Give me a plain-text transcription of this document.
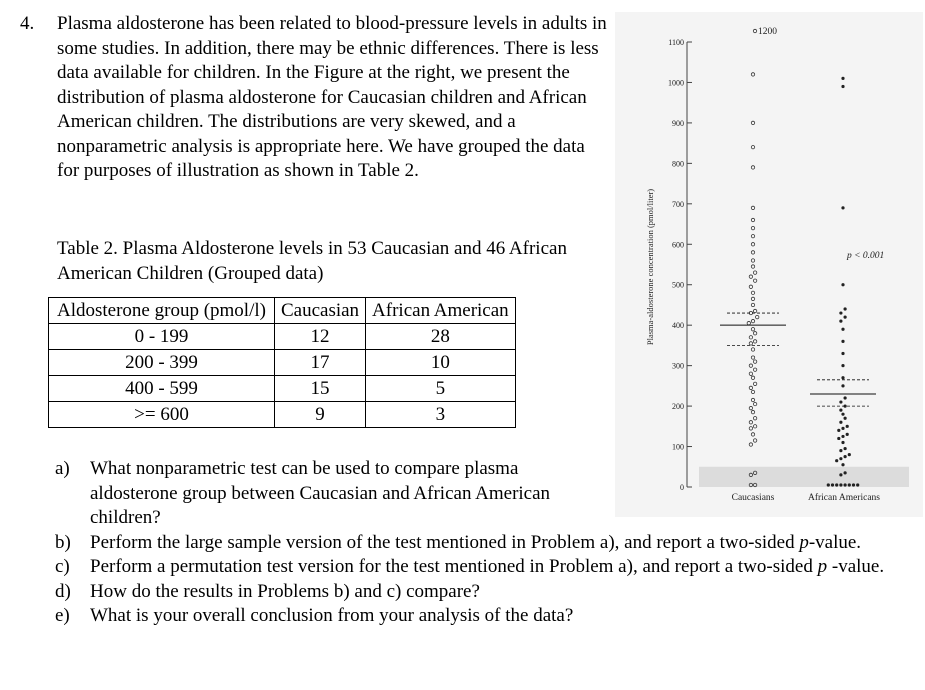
4. Plasma aldosterone has been related to blood-pressure levels in adults in some studies. In addition, there may be ethnic differences. There is less data available for children. In the Figure at the right, we present the distribution of plasma aldosterone for Caucasian children and African American children. The distributions are very skewed, and a nonparametric analysis is appropriate here. We have grouped the data for purposes of illustration as shown in Table 2.
Table 2. Plasma Aldosterone levels in 53 Caucasian and 46 African American Children (Grouped data)
Aldosterone group (pmol/l)	Caucasian	African American
0 - 199	12	28
200 - 399	17	10
400 - 599	15	5
>= 600	9	3

a)	What nonparametric test can be used to compare plasma aldosterone group between Caucasian and African American children?

b)	Perform the large sample version of the test mentioned in Problem a), and report a two-sided p-value.

c)	Perform a permutation test version for the test mentioned in Problem a), and report a two-sided p -value.

d)	How do the results in Problems b) and c) compare?

e)	What is your overall conclusion from your analysis of the data?

0
100
200
300
400
500
600
700
800
900
1000
1100
Plasma-aldosterone concentration (pmol/liter)
Caucasians	African Americans
1200
p < 0.001
